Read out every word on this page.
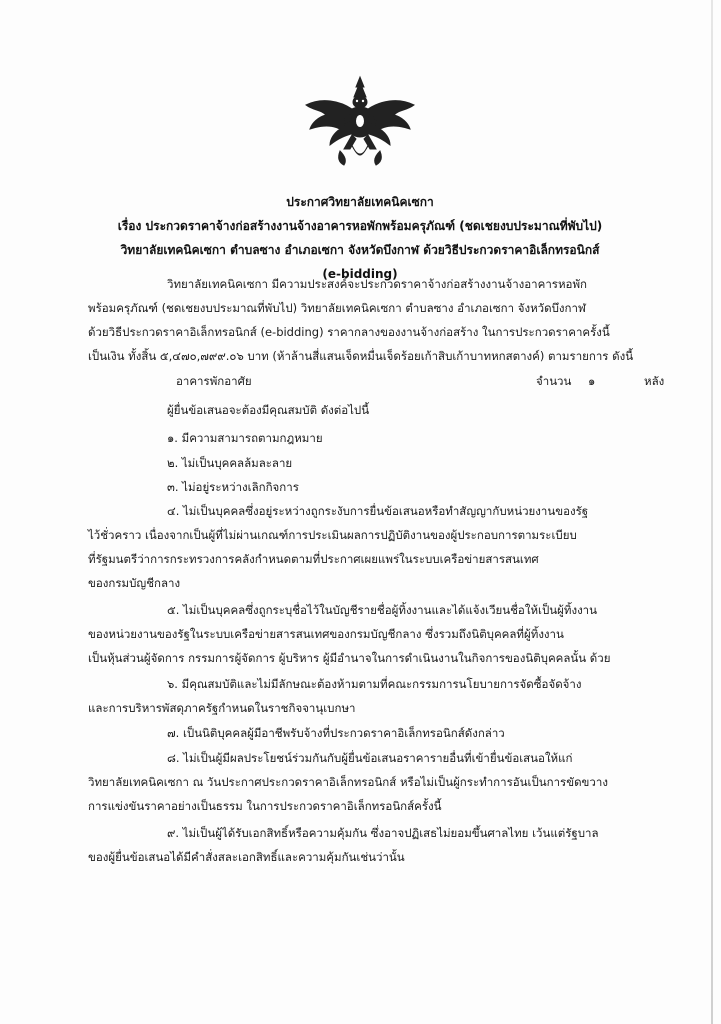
ประกาศวิทยาลัยเทคนิคเซกา
เรื่อง ประกวดราคาจ้างก่อสร้างงานจ้างอาคารหอพักพร้อมครุภัณฑ์ (ชดเชยงบประมาณที่พับไป)
วิทยาลัยเทคนิคเซกา ตำบลซาง อำเภอเซกา จังหวัดบึงกาฬ ด้วยวิธีประกวดราคาอิเล็กทรอนิกส์
(e-bidding)
วิทยาลัยเทคนิคเซกา มีความประสงค์จะประกวดราคาจ้างก่อสร้างงานจ้างอาคารหอพัก
พร้อมครุภัณฑ์ (ชดเชยงบประมาณที่พับไป) วิทยาลัยเทคนิคเซกา ตำบลซาง อำเภอเซกา จังหวัดบึงกาฬ
ด้วยวิธีประกวดราคาอิเล็กทรอนิกส์ (e-bidding) ราคากลางของงานจ้างก่อสร้าง ในการประกวดราคาครั้งนี้
เป็นเงิน ทั้งสิ้น ๕,๔๗๐,๗๙๙.๐๖ บาท (ห้าล้านสี่แสนเจ็ดหมื่นเจ็ดร้อยเก้าสิบเก้าบาทหกสตางค์) ตามรายการ ดังนี้
อาคารพักอาศัย	จำนวน ๑	หลัง
ผู้ยื่นข้อเสนอจะต้องมีคุณสมบัติ ดังต่อไปนี้
๑. มีความสามารถตามกฎหมาย
๒. ไม่เป็นบุคคลล้มละลาย
๓. ไม่อยู่ระหว่างเลิกกิจการ
๔. ไม่เป็นบุคคลซึ่งอยู่ระหว่างถูกระงับการยื่นข้อเสนอหรือทำสัญญากับหน่วยงานของรัฐ
ไว้ชั่วคราว เนื่องจากเป็นผู้ที่ไม่ผ่านเกณฑ์การประเมินผลการปฏิบัติงานของผู้ประกอบการตามระเบียบ
ที่รัฐมนตรีว่าการกระทรวงการคลังกำหนดตามที่ประกาศเผยแพร่ในระบบเครือข่ายสารสนเทศ
ของกรมบัญชีกลาง
๕. ไม่เป็นบุคคลซึ่งถูกระบุชื่อไว้ในบัญชีรายชื่อผู้ทิ้งงานและได้แจ้งเวียนชื่อให้เป็นผู้ทิ้งงาน
ของหน่วยงานของรัฐในระบบเครือข่ายสารสนเทศของกรมบัญชีกลาง ซึ่งรวมถึงนิติบุคคลที่ผู้ทิ้งงาน
เป็นหุ้นส่วนผู้จัดการ กรรมการผู้จัดการ ผู้บริหาร ผู้มีอำนาจในการดำเนินงานในกิจการของนิติบุคคลนั้น ด้วย
๖. มีคุณสมบัติและไม่มีลักษณะต้องห้ามตามที่คณะกรรมการนโยบายการจัดซื้อจัดจ้าง
และการบริหารพัสดุภาครัฐกำหนดในราชกิจจานุเบกษา
๗. เป็นนิติบุคคลผู้มีอาชีพรับจ้างที่ประกวดราคาอิเล็กทรอนิกส์ดังกล่าว
๘. ไม่เป็นผู้มีผลประโยชน์ร่วมกันกับผู้ยื่นข้อเสนอราคารายอื่นที่เข้ายื่นข้อเสนอให้แก่
วิทยาลัยเทคนิคเซกา ณ วันประกาศประกวดราคาอิเล็กทรอนิกส์ หรือไม่เป็นผู้กระทำการอันเป็นการขัดขวาง
การแข่งขันราคาอย่างเป็นธรรม ในการประกวดราคาอิเล็กทรอนิกส์ครั้งนี้
๙. ไม่เป็นผู้ได้รับเอกสิทธิ์หรือความคุ้มกัน ซึ่งอาจปฏิเสธไม่ยอมขึ้นศาลไทย เว้นแต่รัฐบาล
ของผู้ยื่นข้อเสนอได้มีคำสั่งสละเอกสิทธิ์และความคุ้มกันเช่นว่านั้น
